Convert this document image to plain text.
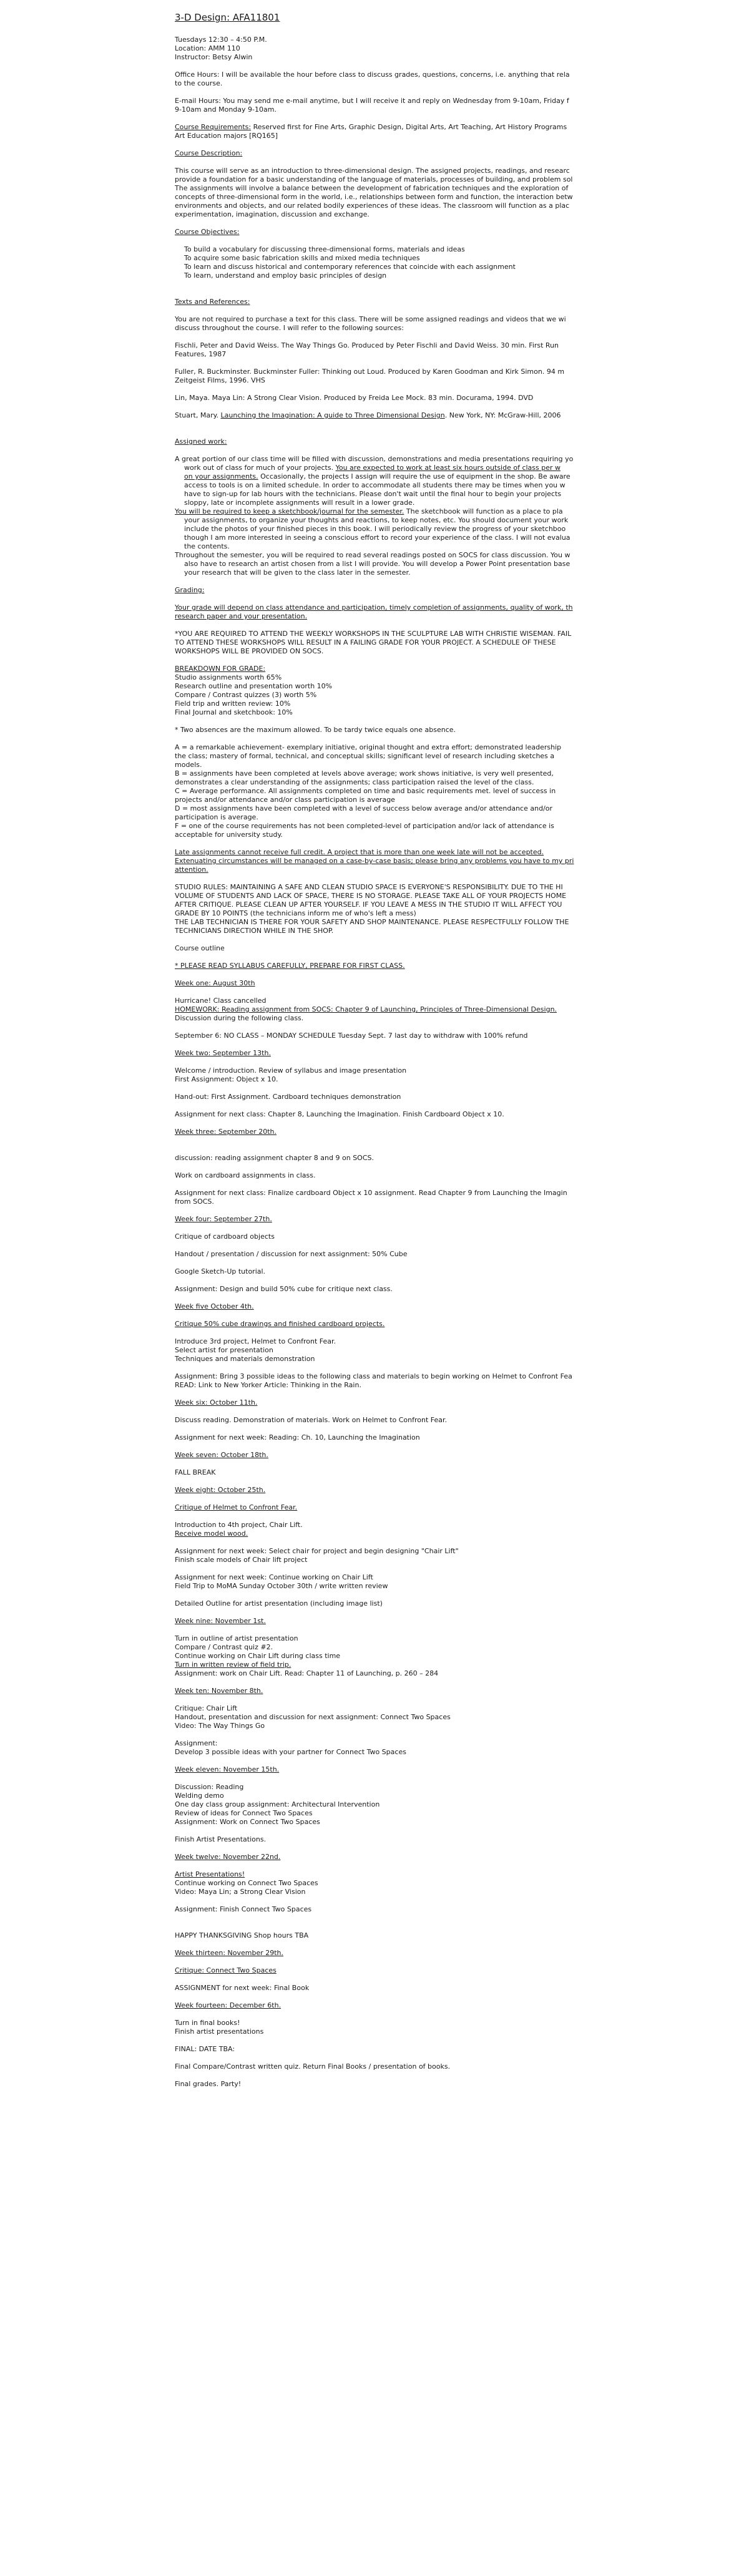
3-D Design: AFA11801

Tuesdays 12:30 – 4:50 P.M.

Location: AMM 110

Instructor: Betsy Alwin

Office Hours: I will be available the hour before class to discuss grades, questions, concerns, i.e. anything that rela

to the course.

E-mail Hours: You may send me e-mail anytime, but I will receive it and reply on Wednesday from 9-10am, Friday f

9-10am and Monday 9-10am.

Course Requirements: Reserved first for Fine Arts, Graphic Design, Digital Arts, Art Teaching, Art History Programs

Art Education majors [RQ165]

Course Description:

This course will serve as an introduction to three-dimensional design. The assigned projects, readings, and researc

provide a foundation for a basic understanding of the language of materials, processes of building, and problem sol

The assignments will involve a balance between the development of fabrication techniques and the exploration of

concepts of three-dimensional form in the world, i.e., relationships between form and function, the interaction betw

environments and objects, and our related bodily experiences of these ideas. The classroom will function as a plac

experimentation, imagination, discussion and exchange.

Course Objectives:

To build a vocabulary for discussing three-dimensional forms, materials and ideas

To acquire some basic fabrication skills and mixed media techniques

To learn and discuss historical and contemporary references that coincide with each assignment

To learn, understand and employ basic principles of design

Texts and References:

You are not required to purchase a text for this class. There will be some assigned readings and videos that we wi

discuss throughout the course. I will refer to the following sources:

Fischli, Peter and David Weiss. The Way Things Go. Produced by Peter Fischli and David Weiss. 30 min. First Run

Features, 1987

Fuller, R. Buckminster. Buckminster Fuller: Thinking out Loud. Produced by Karen Goodman and Kirk Simon. 94 m

Zeitgeist Films, 1996. VHS

Lin, Maya. Maya Lin: A Strong Clear Vision. Produced by Freida Lee Mock. 83 min. Docurama, 1994. DVD

Stuart, Mary. Launching the Imagination: A guide to Three Dimensional Design. New York, NY: McGraw-Hill, 2006

Assigned work:

A great portion of our class time will be filled with discussion, demonstrations and media presentations requiring yo

work out of class for much of your projects. You are expected to work at least six hours outside of class per w

on your assignments. Occasionally, the projects I assign will require the use of equipment in the shop. Be aware

access to tools is on a limited schedule. In order to accommodate all students there may be times when you w

have to sign-up for lab hours with the technicians. Please don't wait until the final hour to begin your projects

sloppy, late or incomplete assignments will result in a lower grade.

You will be required to keep a sketchbook/journal for the semester. The sketchbook will function as a place to pla

your assignments, to organize your thoughts and reactions, to keep notes, etc. You should document your work

include the photos of your finished pieces in this book. I will periodically review the progress of your sketchboo

though I am more interested in seeing a conscious effort to record your experience of the class. I will not evalua

the contents.

Throughout the semester, you will be required to read several readings posted on SOCS for class discussion. You w

also have to research an artist chosen from a list I will provide. You will develop a Power Point presentation base

your research that will be given to the class later in the semester.

Grading:

Your grade will depend on class attendance and participation, timely completion of assignments, quality of work, th

research paper and your presentation.

*YOU ARE REQUIRED TO ATTEND THE WEEKLY WORKSHOPS IN THE SCULPTURE LAB WITH CHRISTIE WISEMAN. FAIL

TO ATTEND THESE WORKSHOPS WILL RESULT IN A FAILING GRADE FOR YOUR PROJECT. A SCHEDULE OF THESE

WORKSHOPS WILL BE PROVIDED ON SOCS.

BREAKDOWN FOR GRADE:

Studio assignments worth 65%

Research outline and presentation worth 10%

Compare / Contrast quizzes (3) worth 5%

Field trip and written review: 10%

Final Journal and sketchbook: 10%

* Two absences are the maximum allowed. To be tardy twice equals one absence.

A = a remarkable achievement- exemplary initiative, original thought and extra effort; demonstrated leadership

the class; mastery of formal, technical, and conceptual skills; significant level of research including sketches a

models.

B = assignments have been completed at levels above average; work shows initiative, is very well presented,

demonstrates a clear understanding of the assignments; class participation raised the level of the class.

C = Average performance. All assignments completed on time and basic requirements met. level of success in

projects and/or attendance and/or class participation is average

D = most assignments have been completed with a level of success below average and/or attendance and/or

participation is average.

F = one of the course requirements has not been completed-level of participation and/or lack of attendance is

acceptable for university study.

Late assignments cannot receive full credit. A project that is more than one week late will not be accepted.

Extenuating circumstances will be managed on a case-by-case basis; please bring any problems you have to my pri

attention.

STUDIO RULES: MAINTAINING A SAFE AND CLEAN STUDIO SPACE IS EVERYONE'S RESPONSIBILITY. DUE TO THE HI

VOLUME OF STUDENTS AND LACK OF SPACE, THERE IS NO STORAGE. PLEASE TAKE ALL OF YOUR PROJECTS HOME

AFTER CRITIQUE. PLEASE CLEAN UP AFTER YOURSELF. IF YOU LEAVE A MESS IN THE STUDIO IT WILL AFFECT YOU

GRADE BY 10 POINTS (the technicians inform me of who's left a mess)

THE LAB TECHNICIAN IS THERE FOR YOUR SAFETY AND SHOP MAINTENANCE. PLEASE RESPECTFULLY FOLLOW THE

TECHNICIANS DIRECTION WHILE IN THE SHOP.

Course outline

* PLEASE READ SYLLABUS CAREFULLY, PREPARE FOR FIRST CLASS.

Week one: August 30th

Hurricane! Class cancelled

HOMEWORK: Reading assignment from SOCS: Chapter 9 of Launching, Principles of Three-Dimensional Design.

Discussion during the following class.

September 6: NO CLASS – MONDAY SCHEDULE Tuesday Sept. 7 last day to withdraw with 100% refund

Week two: September 13th.

Welcome / introduction. Review of syllabus and image presentation

First Assignment: Object x 10.

Hand-out: First Assignment. Cardboard techniques demonstration

Assignment for next class: Chapter 8, Launching the Imagination. Finish Cardboard Object x 10.

Week three: September 20th.

discussion: reading assignment chapter 8 and 9 on SOCS.

Work on cardboard assignments in class.

Assignment for next class: Finalize cardboard Object x 10 assignment. Read Chapter 9 from Launching the Imagin

from SOCS.

Week four: September 27th.

Critique of cardboard objects

Handout / presentation / discussion for next assignment: 50% Cube

Google Sketch-Up tutorial.

Assignment: Design and build 50% cube for critique next class.

Week five October 4th.

Critique 50% cube drawings and finished cardboard projects.

Introduce 3rd project, Helmet to Confront Fear.

Select artist for presentation

Techniques and materials demonstration

Assignment: Bring 3 possible ideas to the following class and materials to begin working on Helmet to Confront Fea

READ: Link to New Yorker Article: Thinking in the Rain.

Week six: October 11th.

Discuss reading. Demonstration of materials. Work on Helmet to Confront Fear.

Assignment for next week: Reading: Ch. 10, Launching the Imagination

Week seven: October 18th.

FALL BREAK

Week eight: October 25th.

Critique of Helmet to Confront Fear.

Introduction to 4th project, Chair Lift.

Receive model wood.

Assignment for next week: Select chair for project and begin designing "Chair Lift"

Finish scale models of Chair lift project

Assignment for next week: Continue working on Chair Lift

Field Trip to MoMA Sunday October 30th / write written review

Detailed Outline for artist presentation (including image list)

Week nine: November 1st.

Turn in outline of artist presentation

Compare / Contrast quiz #2.

Continue working on Chair Lift during class time

Turn in written review of field trip.

Assignment: work on Chair Lift. Read: Chapter 11 of Launching, p. 260 – 284

Week ten: November 8th.

Critique: Chair Lift

Handout, presentation and discussion for next assignment: Connect Two Spaces

Video: The Way Things Go

Assignment:

Develop 3 possible ideas with your partner for Connect Two Spaces

Week eleven: November 15th.

Discussion: Reading

Welding demo

One day class group assignment: Architectural Intervention

Review of ideas for Connect Two Spaces

Assignment: Work on Connect Two Spaces

Finish Artist Presentations.

Week twelve: November 22nd.

Artist Presentations!

Continue working on Connect Two Spaces

Video: Maya Lin; a Strong Clear Vision

Assignment: Finish Connect Two Spaces

HAPPY THANKSGIVING Shop hours TBA

Week thirteen: November 29th.

Critique: Connect Two Spaces

ASSIGNMENT for next week: Final Book

Week fourteen: December 6th.

Turn in final books!

Finish artist presentations

FINAL: DATE TBA:

Final Compare/Contrast written quiz. Return Final Books / presentation of books.

Final grades. Party!
